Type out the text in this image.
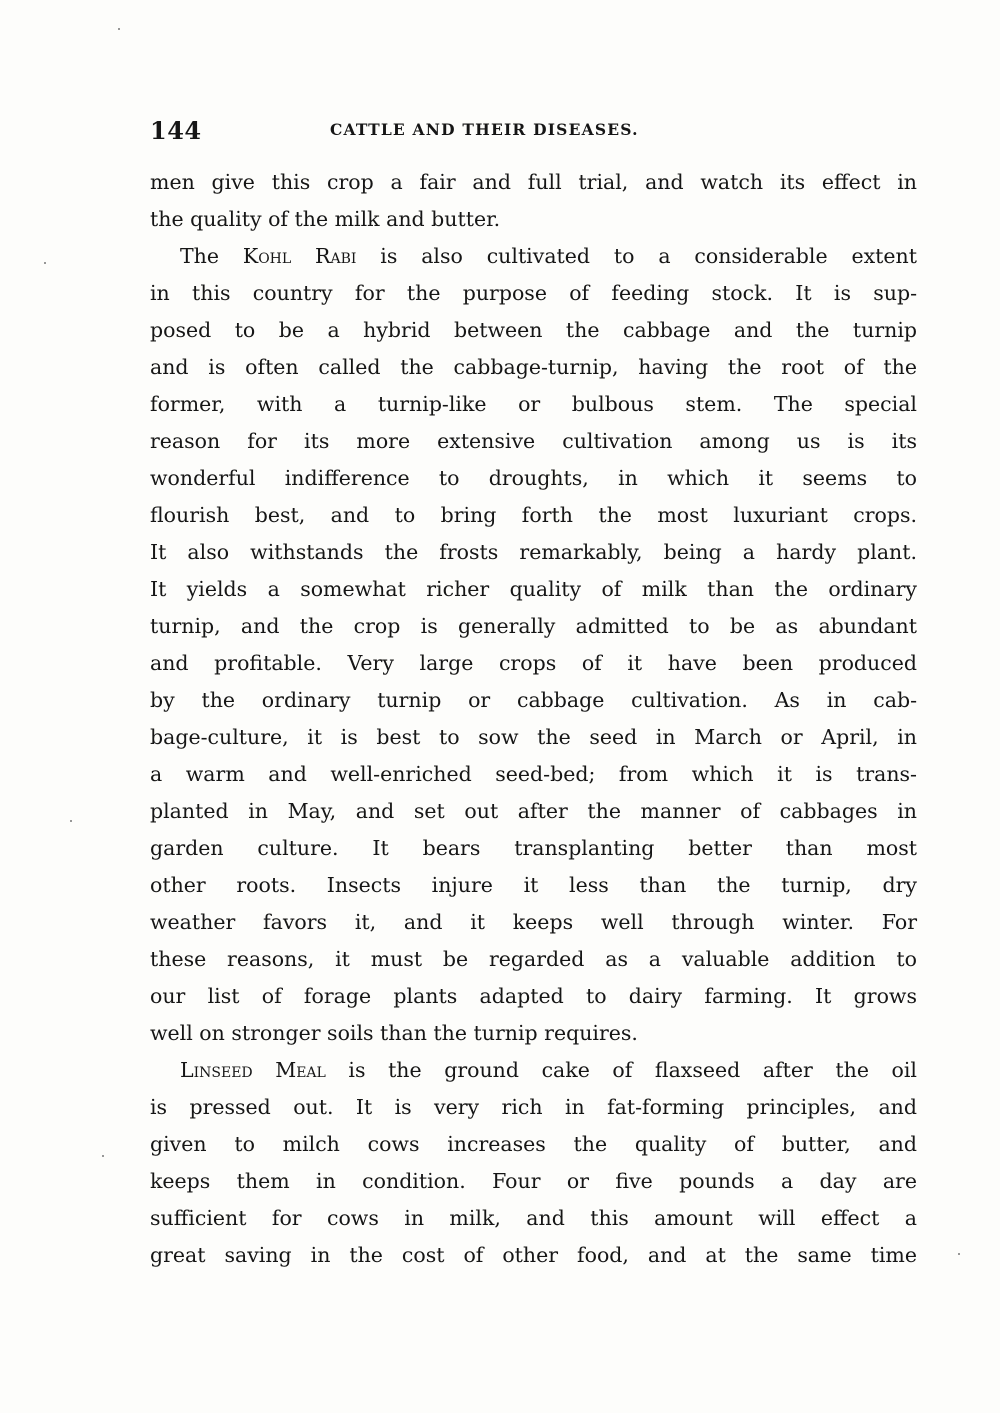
144	CATTLE AND THEIR DISEASES.
men give this crop a fair and full trial, and watch its effect in
the quality of the milk and butter.
The Kohl Rabi is also cultivated to a considerable extent
in this country for the purpose of feeding stock. It is sup-
posed to be a hybrid between the cabbage and the turnip
and is often called the cabbage-turnip, having the root of the
former, with a turnip-like or bulbous stem. The special
reason for its more extensive cultivation among us is its
wonderful indifference to droughts, in which it seems to
flourish best, and to bring forth the most luxuriant crops.
It also withstands the frosts remarkably, being a hardy plant.
It yields a somewhat richer quality of milk than the ordinary
turnip, and the crop is generally admitted to be as abundant
and profitable. Very large crops of it have been produced
by the ordinary turnip or cabbage cultivation. As in cab-
bage-culture, it is best to sow the seed in March or April, in
a warm and well-enriched seed-bed; from which it is trans-
planted in May, and set out after the manner of cabbages in
garden culture. It bears transplanting better than most
other roots. Insects injure it less than the turnip, dry
weather favors it, and it keeps well through winter. For
these reasons, it must be regarded as a valuable addition to
our list of forage plants adapted to dairy farming. It grows
well on stronger soils than the turnip requires.
Linseed Meal is the ground cake of flaxseed after the oil
is pressed out. It is very rich in fat-forming principles, and
given to milch cows increases the quality of butter, and
keeps them in condition. Four or five pounds a day are
sufficient for cows in milk, and this amount will effect a
great saving in the cost of other food, and at the same time
